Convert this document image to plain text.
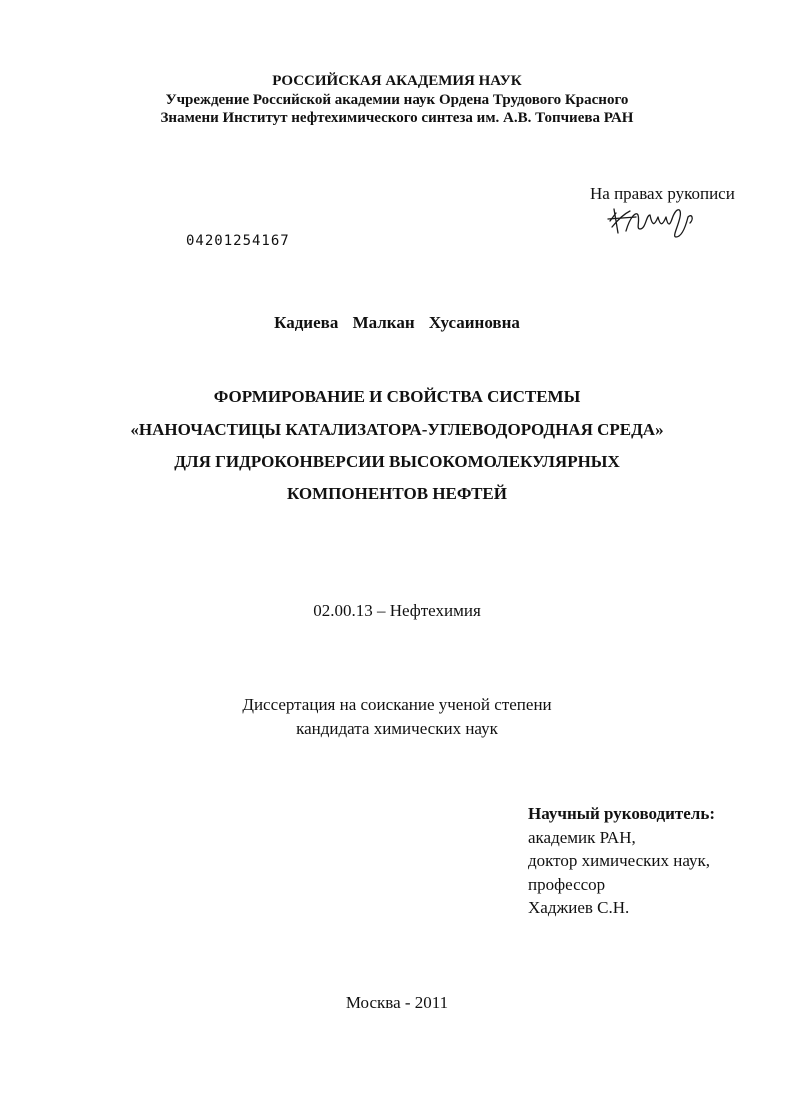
РОССИЙСКАЯ АКАДЕМИЯ НАУК
Учреждение Российской академии наук Ордена Трудового Красного
Знамени Институт нефтехимического синтеза им. А.В. Топчиева РАН
На правах рукописи
04201254167
Кадиева Малкан Хусаиновна
ФОРМИРОВАНИЕ И СВОЙСТВА СИСТЕМЫ
«НАНОЧАСТИЦЫ КАТАЛИЗАТОРА-УГЛЕВОДОРОДНАЯ СРЕДА»
ДЛЯ ГИДРОКОНВЕРСИИ ВЫСОКОМОЛЕКУЛЯРНЫХ
КОМПОНЕНТОВ НЕФТЕЙ
02.00.13 – Нефтехимия
Диссертация на соискание ученой степени
кандидата химических наук
Научный руководитель:
академик РАН,
доктор химических наук,
профессор
Хаджиев С.Н.
Москва - 2011
